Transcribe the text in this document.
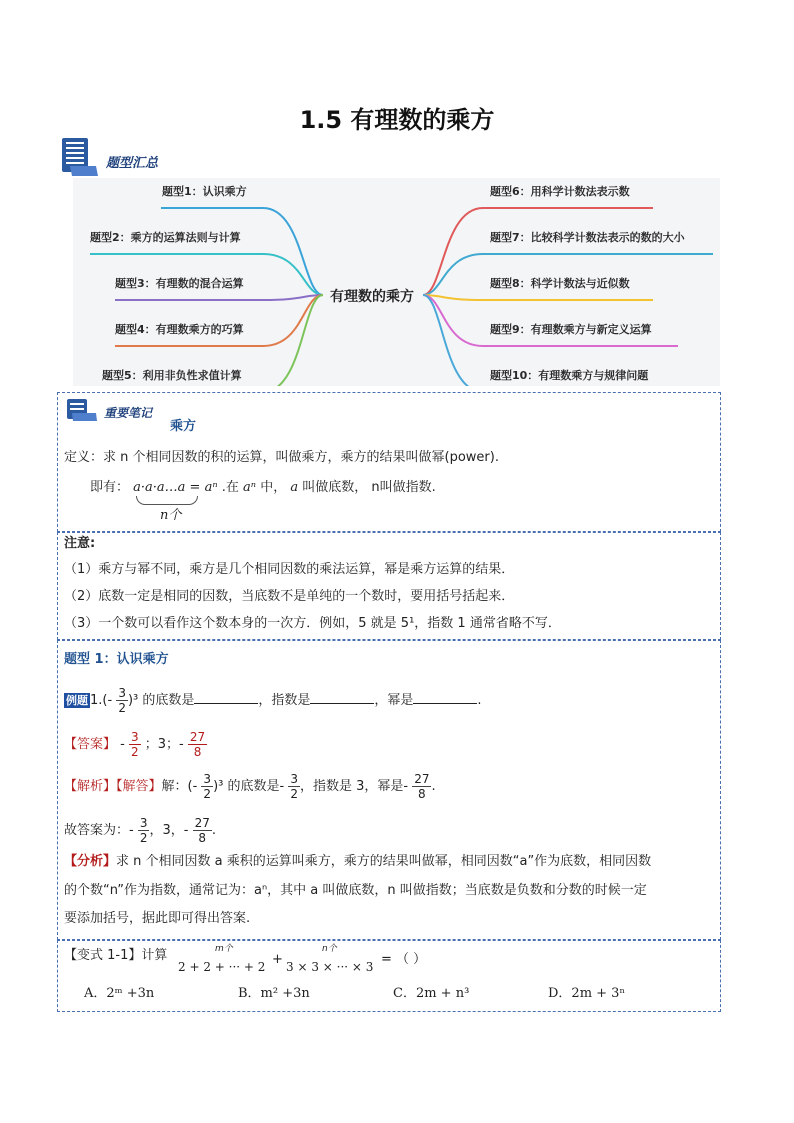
1.5 有理数的乘方
题型汇总
有理数的乘方
题型1：认识乘方
题型2：乘方的运算法则与计算
题型3：有理数的混合运算
题型4：有理数乘方的巧算
题型5：利用非负性求值计算
题型6：用科学计数法表示数
题型7：比较科学计数法表示的数的大小
题型8：科学计数法与近似数
题型9：有理数乘方与新定义运算
题型10：有理数乘方与规律问题
重要笔记
乘方
定义：求 n 个相同因数的积的运算，叫做乘方，乘方的结果叫做幂(power).
即有： a·a·a…a = aⁿ .在 aⁿ 中， a 叫做底数， n叫做指数.
n个
注意:
（1）乘方与幂不同，乘方是几个相同因数的乘法运算，幂是乘方运算的结果．
（2）底数一定是相同的因数，当底数不是单纯的一个数时，要用括号括起来．
（3）一个数可以看作这个数本身的一次方．例如，5 就是 5¹，指数 1 通常省略不写．
题型 1：认识乘方
例题 $1.(- \frac{3}{2} )^3$ 的底数是	，指数是	，幂是	.
【答案】 - $\frac{3}{2}$ ；3；- $\frac{27}{8}$
【解析】【解答】解：(- $\frac{3}{2} )^3$ 的底数是- $\frac{3}{2}$ ，指数是 3，幂是- $\frac{27}{8}$ .
故答案为：- $\frac{3}{2}$ ，3，- $\frac{27}{8}$ .
【分析】求 n 个相同因数 a 乘积的运算叫乘方，乘方的结果叫做幂，相同因数“a”作为底数，相同因数
的个数“n”作为指数，通常记为：aⁿ，其中 a 叫做底数，n 叫做指数；当底数是负数和分数的时候一定
要添加括号，据此即可得出答案.
【变式 1-1】计算
2 + 2 + ··· + 2
m个
+ 3 × 3 × ··· × 3
n个
= （ ）
A．2ᵐ +3n	B．m² +3n	C．2m + n³	D．2m + 3ⁿ
